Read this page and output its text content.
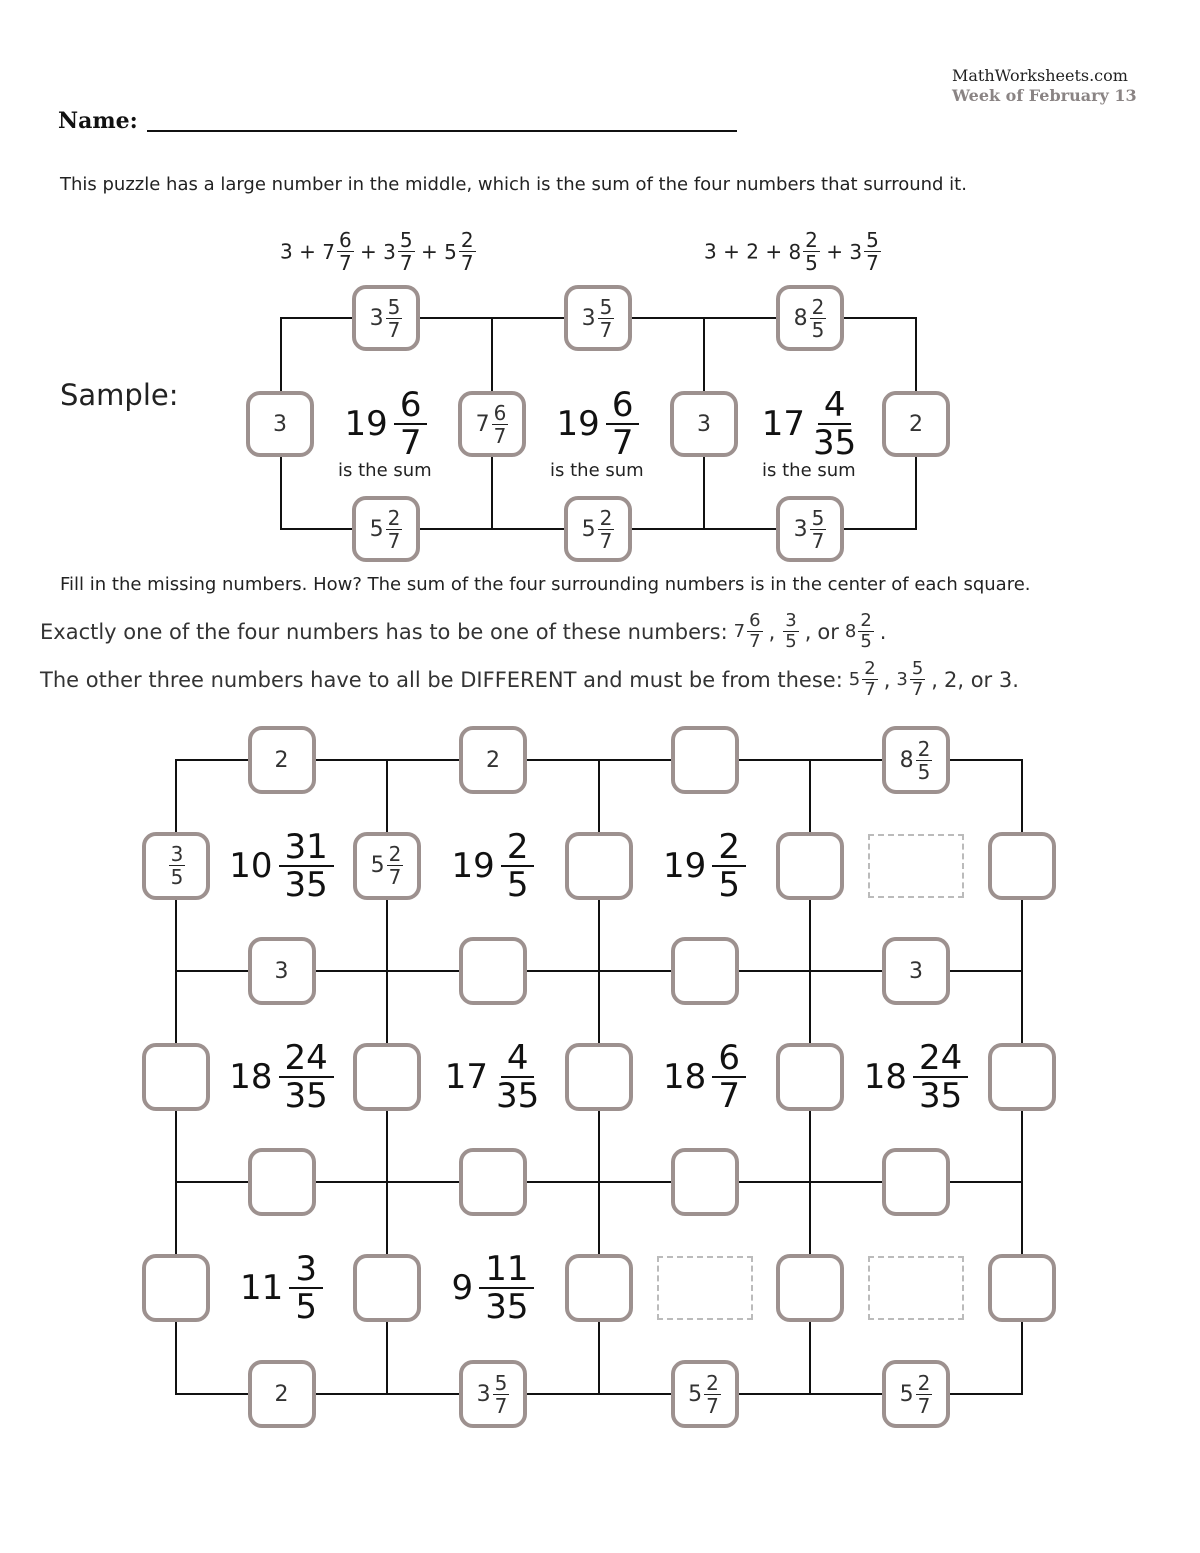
MathWorksheets.com
Week of February 13
Name:
This puzzle has a large number in the middle, which is the sum of the four numbers that surround it.
$3 + 7 \frac{6}{7} + 3 \frac{5}{7} + 5 \frac{2}{7}$	$3 + 2 + 8 \frac{2}{5} + 3 \frac{5}{7}$
Sample:
$3 \frac{5}{7}$	$3 \frac{5}{7}$	$8 \frac{2}{5}$
$5 \frac{2}{7}$	$5 \frac{2}{7}$	$3 \frac{5}{7}$
3	$7 \frac{6}{7}$	3	2
$19 \frac{6}{7}$
is the sum
$19 \frac{6}{7}$
is the sum
$17 \frac{4}{35}$
is the sum
Fill in the missing numbers. How? The sum of the four surrounding numbers is in the center of each square.
Exactly one of the four numbers has to be one of these numbers: $7 \frac{6}{7}$ , $\frac{3}{5}$ , or $8 \frac{2}{5}$ .
The other three numbers have to all be DIFFERENT and must be from these: $5 \frac{2}{7}$ , $3 \frac{5}{7}$ , 2, or 3.
2	2	$8 \frac{2}{5}$
3	3
2	$3 \frac{5}{7}$	$5 \frac{2}{7}$	$5 \frac{2}{7}$
$\frac{3}{5}$	$5 \frac{2}{7}$
$10 \frac{31}{35}$	$19 \frac{2}{5}$	$19 \frac{2}{5}$
$18 \frac{24}{35}$	$17 \frac{4}{35}$	$18 \frac{6}{7}$	$18 \frac{24}{35}$
$11 \frac{3}{5}$	$9 \frac{11}{35}$
